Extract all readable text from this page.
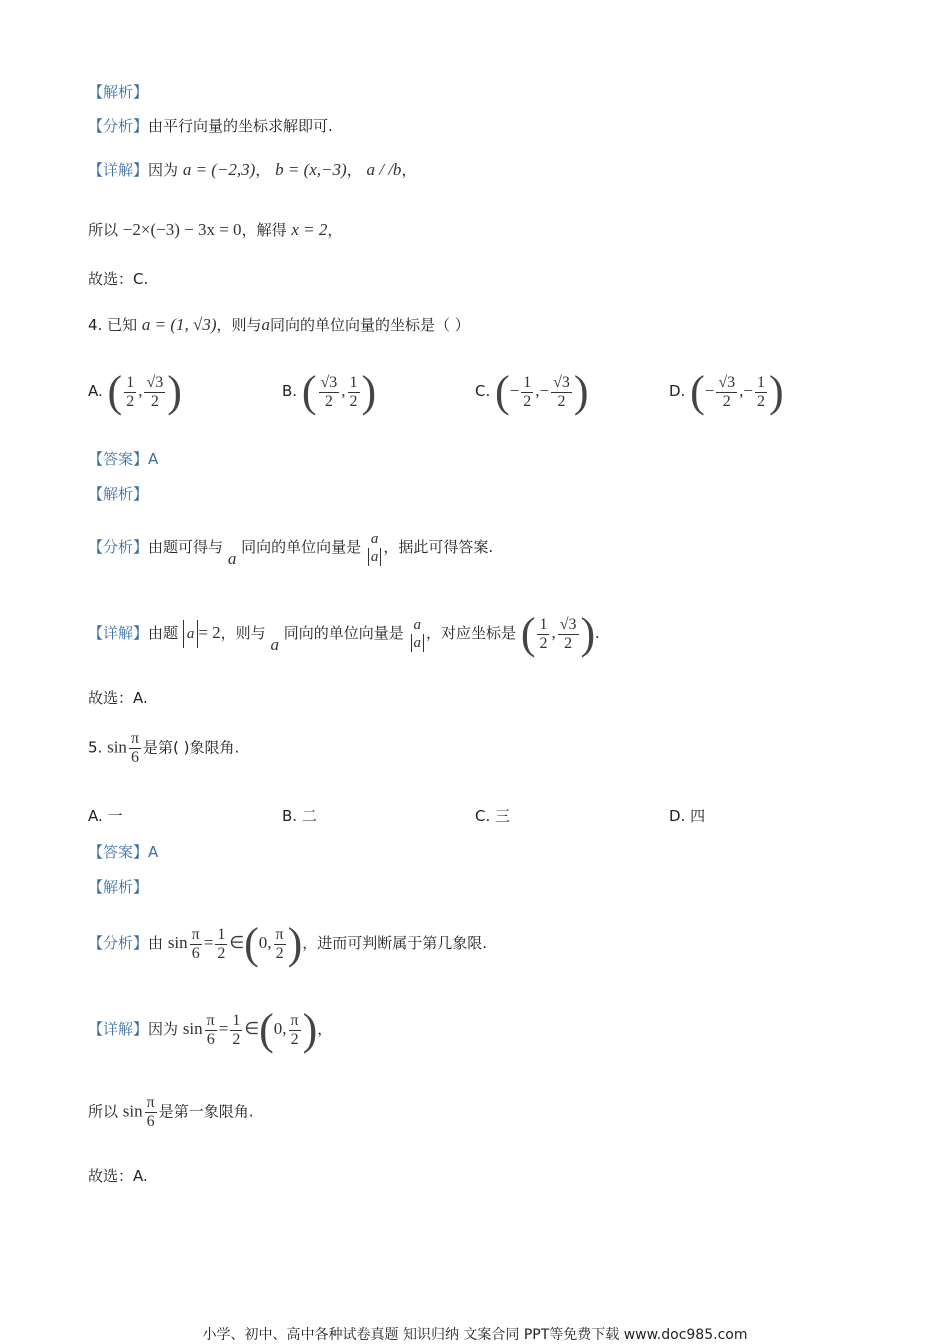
【解析】
【分析】由平行向量的坐标求解即可.
【详解】因为 a = (−2,3)， b = (x,−3)， a / /b，
所以 −2×(−3) − 3x = 0，解得 x = 2，
故选：C.
4. 已知 a = (1, √3)，则与a同向的单位向量的坐标是（ ）
A. ( $\frac{1}{2}$ , $\frac{√3}{2}$ )	B. ( $\frac{√3}{2}$ , $\frac{1}{2}$ )	C. (− $\frac{1}{2}$ ,− $\frac{√3}{2}$ )	D. (− $\frac{√3}{2}$ ,− $\frac{1}{2}$ )
【答案】A
【解析】
【分析】由题可得与 a 同向的单位向量是 a
a
，据此可得答案.
【详解】由题 a = 2，则与 a 同向的单位向量是 a
a
，对应坐标是 ( $\frac{1}{2}$ , $\frac{√3}{2}$ ).
故选：A.
5. $\sin \frac{\pi}{6}$ 是第( )象限角.
A. 一	B. 二	C. 三	D. 四
【答案】A
【解析】
【分析】由 $\sin \frac{\pi}{6} = \frac{1}{2}$ ∈(0, $\frac{\pi}{2}$ )，进而可判断属于第几象限.
【详解】因为 $\sin \frac{\pi}{6} = \frac{1}{2}$ ∈(0, $\frac{\pi}{2}$ )，
所以 $\sin \frac{\pi}{6}$ 是第一象限角.
故选：A.
小学、初中、高中各种试卷真题 知识归纳 文案合同 PPT等免费下载 www.doc985.com
